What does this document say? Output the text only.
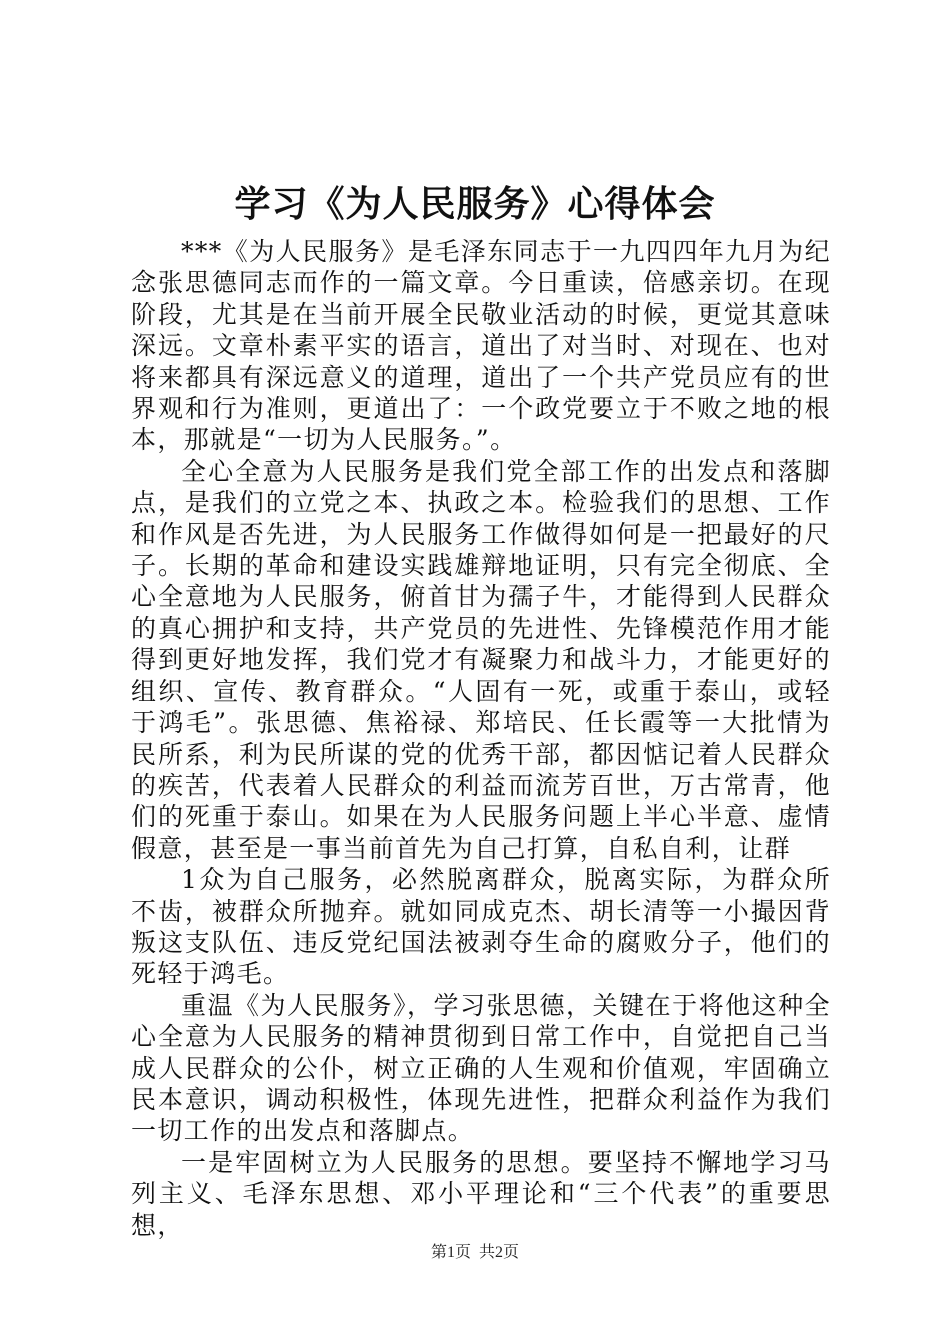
学习《为人民服务》心得体会

***《为人民服务》是毛泽东同志于一九四四年九月为纪念张思德同志而作的一篇文章。今日重读，倍感亲切。在现阶段，尤其是在当前开展全民敬业活动的时候，更觉其意味深远。文章朴素平实的语言，道出了对当时、对现在、也对将来都具有深远意义的道理，道出了一个共产党员应有的世界观和行为准则，更道出了：一个政党要立于不败之地的根本，那就是“一切为人民服务。”。

全心全意为人民服务是我们党全部工作的出发点和落脚点，是我们的立党之本、执政之本。检验我们的思想、工作和作风是否先进，为人民服务工作做得如何是一把最好的尺子。长期的革命和建设实践雄辩地证明，只有完全彻底、全心全意地为人民服务，俯首甘为孺子牛，才能得到人民群众的真心拥护和支持，共产党员的先进性、先锋模范作用才能得到更好地发挥，我们党才有凝聚力和战斗力，才能更好的组织、宣传、教育群众。“人固有一死，或重于泰山，或轻于鸿毛”。张思德、焦裕禄、郑培民、任长霞等一大批情为民所系，利为民所谋的党的优秀干部，都因惦记着人民群众的疾苦，代表着人民群众的利益而流芳百世，万古常青，他们的死重于泰山。如果在为人民服务问题上半心半意、虚情假意，甚至是一事当前首先为自己打算，自私自利，让群

1众为自己服务，必然脱离群众，脱离实际，为群众所不齿，被群众所抛弃。就如同成克杰、胡长清等一小撮因背叛这支队伍、违反党纪国法被剥夺生命的腐败分子，他们的死轻于鸿毛。

重温《为人民服务》，学习张思德，关键在于将他这种全心全意为人民服务的精神贯彻到日常工作中，自觉把自己当成人民群众的公仆，树立正确的人生观和价值观，牢固确立民本意识，调动积极性，体现先进性，把群众利益作为我们一切工作的出发点和落脚点。

一是牢固树立为人民服务的思想。要坚持不懈地学习马列主义、毛泽东思想、邓小平理论和“三个代表”的重要思想，

第1页 共2页
